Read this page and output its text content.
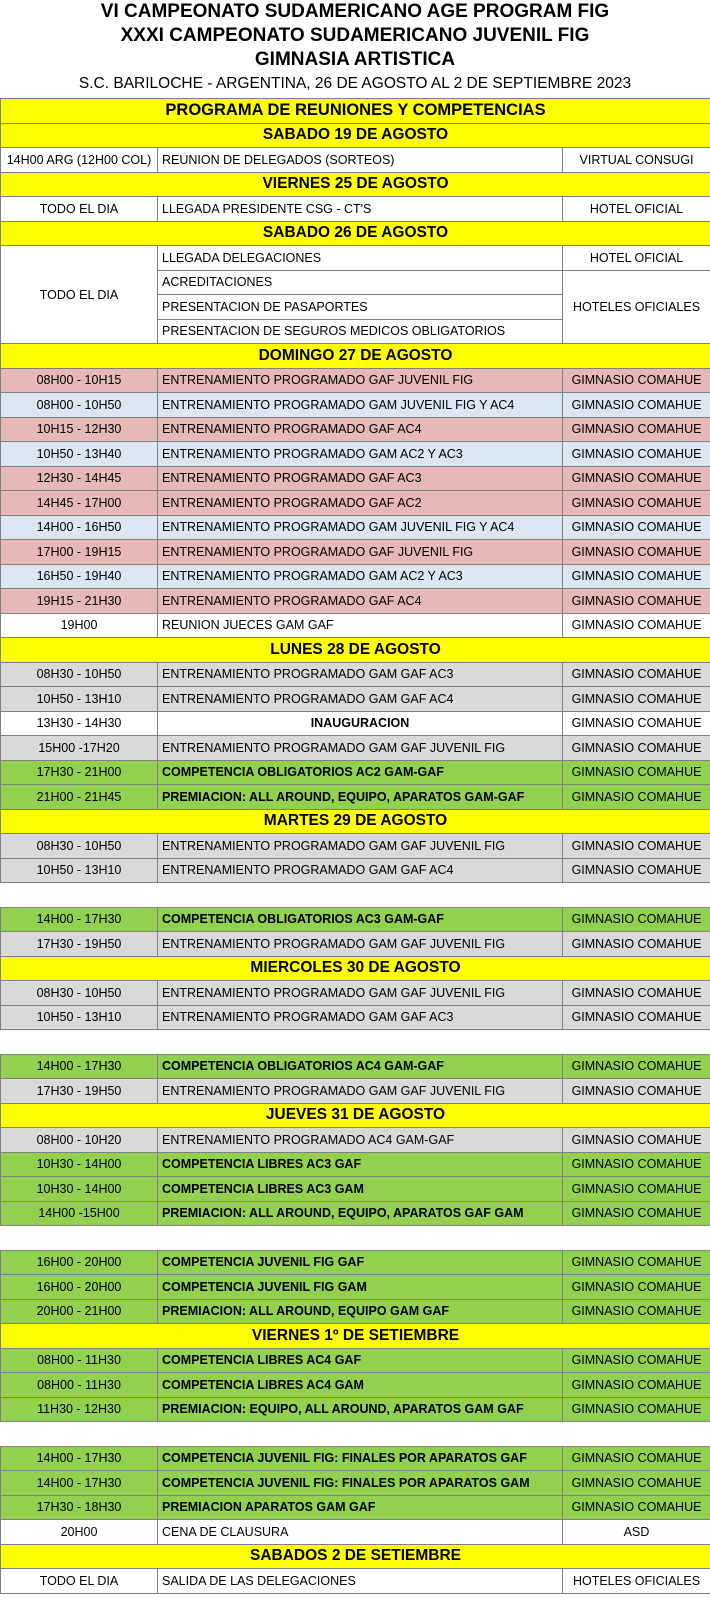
VI CAMPEONATO SUDAMERICANO AGE PROGRAM FIG
XXXI CAMPEONATO SUDAMERICANO JUVENIL FIG
GIMNASIA ARTISTICA
S.C. BARILOCHE - ARGENTINA, 26 DE AGOSTO AL 2 DE SEPTIEMBRE 2023
PROGRAMA DE REUNIONES Y COMPETENCIAS		
SABADO 19 DE AGOSTO		
14H00 ARG (12H00 COL)	REUNION DE DELEGADOS (SORTEOS)	VIRTUAL CONSUGI
VIERNES 25 DE AGOSTO		
TODO EL DIA	LLEGADA PRESIDENTE CSG - CT'S	HOTEL OFICIAL
SABADO 26 DE AGOSTO		
TODO EL DIA	LLEGADA DELEGACIONES	HOTEL OFICIAL
	ACREDITACIONES	HOTELES OFICIALES
	PRESENTACION DE PASAPORTES	
	PRESENTACION DE SEGUROS MEDICOS OBLIGATORIOS	
DOMINGO 27 DE AGOSTO		
08H00 - 10H15	ENTRENAMIENTO PROGRAMADO GAF JUVENIL FIG	GIMNASIO COMAHUE
08H00 - 10H50	ENTRENAMIENTO PROGRAMADO GAM JUVENIL FIG Y AC4	GIMNASIO COMAHUE
10H15 - 12H30	ENTRENAMIENTO PROGRAMADO GAF AC4	GIMNASIO COMAHUE
10H50 - 13H40	ENTRENAMIENTO PROGRAMADO GAM AC2 Y AC3	GIMNASIO COMAHUE
12H30 - 14H45	ENTRENAMIENTO PROGRAMADO GAF AC3	GIMNASIO COMAHUE
14H45 - 17H00	ENTRENAMIENTO PROGRAMADO GAF AC2	GIMNASIO COMAHUE
14H00 - 16H50	ENTRENAMIENTO PROGRAMADO GAM JUVENIL FIG Y AC4	GIMNASIO COMAHUE
17H00 - 19H15	ENTRENAMIENTO PROGRAMADO GAF JUVENIL FIG	GIMNASIO COMAHUE
16H50 - 19H40	ENTRENAMIENTO PROGRAMADO GAM AC2 Y AC3	GIMNASIO COMAHUE
19H15 - 21H30	ENTRENAMIENTO PROGRAMADO GAF AC4	GIMNASIO COMAHUE
19H00	REUNION JUECES GAM GAF	GIMNASIO COMAHUE
LUNES 28 DE AGOSTO		
08H30 - 10H50	ENTRENAMIENTO PROGRAMADO GAM GAF AC3	GIMNASIO COMAHUE
10H50 - 13H10	ENTRENAMIENTO PROGRAMADO GAM GAF AC4	GIMNASIO COMAHUE
13H30 - 14H30	INAUGURACION	GIMNASIO COMAHUE
15H00 -17H20	ENTRENAMIENTO PROGRAMADO GAM GAF JUVENIL FIG	GIMNASIO COMAHUE
17H30 - 21H00	COMPETENCIA OBLIGATORIOS AC2 GAM-GAF	GIMNASIO COMAHUE
21H00 - 21H45	PREMIACION: ALL AROUND, EQUIPO, APARATOS GAM-GAF	GIMNASIO COMAHUE
MARTES 29 DE AGOSTO		
08H30 - 10H50	ENTRENAMIENTO PROGRAMADO GAM GAF JUVENIL FIG	GIMNASIO COMAHUE
10H50 - 13H10	ENTRENAMIENTO PROGRAMADO GAM GAF AC4	GIMNASIO COMAHUE

14H00 - 17H30	COMPETENCIA OBLIGATORIOS AC3 GAM-GAF	GIMNASIO COMAHUE
17H30 - 19H50	ENTRENAMIENTO PROGRAMADO GAM GAF JUVENIL FIG	GIMNASIO COMAHUE
MIERCOLES 30 DE AGOSTO		
08H30 - 10H50	ENTRENAMIENTO PROGRAMADO GAM GAF JUVENIL FIG	GIMNASIO COMAHUE
10H50 - 13H10	ENTRENAMIENTO PROGRAMADO GAM GAF AC3	GIMNASIO COMAHUE

14H00 - 17H30	COMPETENCIA OBLIGATORIOS AC4 GAM-GAF	GIMNASIO COMAHUE
17H30 - 19H50	ENTRENAMIENTO PROGRAMADO GAM GAF JUVENIL FIG	GIMNASIO COMAHUE
JUEVES 31 DE AGOSTO		
08H00 - 10H20	ENTRENAMIENTO PROGRAMADO AC4 GAM-GAF	GIMNASIO COMAHUE
10H30 - 14H00	COMPETENCIA LIBRES AC3 GAF	GIMNASIO COMAHUE
10H30 - 14H00	COMPETENCIA LIBRES AC3 GAM	GIMNASIO COMAHUE
14H00 -15H00	PREMIACION: ALL AROUND, EQUIPO, APARATOS GAF GAM	GIMNASIO COMAHUE

16H00 - 20H00	COMPETENCIA JUVENIL FIG GAF	GIMNASIO COMAHUE
16H00 - 20H00	COMPETENCIA JUVENIL FIG GAM	GIMNASIO COMAHUE
20H00 - 21H00	PREMIACION: ALL AROUND, EQUIPO GAM GAF	GIMNASIO COMAHUE
VIERNES 1º DE SETIEMBRE		
08H00 - 11H30	COMPETENCIA LIBRES AC4 GAF	GIMNASIO COMAHUE
08H00 - 11H30	COMPETENCIA LIBRES AC4 GAM	GIMNASIO COMAHUE
11H30 - 12H30	PREMIACION: EQUIPO, ALL AROUND, APARATOS GAM GAF	GIMNASIO COMAHUE

14H00 - 17H30	COMPETENCIA JUVENIL FIG: FINALES POR APARATOS GAF	GIMNASIO COMAHUE
14H00 - 17H30	COMPETENCIA JUVENIL FIG: FINALES POR APARATOS GAM	GIMNASIO COMAHUE
17H30 - 18H30	PREMIACION APARATOS GAM GAF	GIMNASIO COMAHUE
20H00	CENA DE CLAUSURA	ASD
SABADOS 2 DE SETIEMBRE		
TODO EL DIA	SALIDA DE LAS DELEGACIONES	HOTELES OFICIALES
